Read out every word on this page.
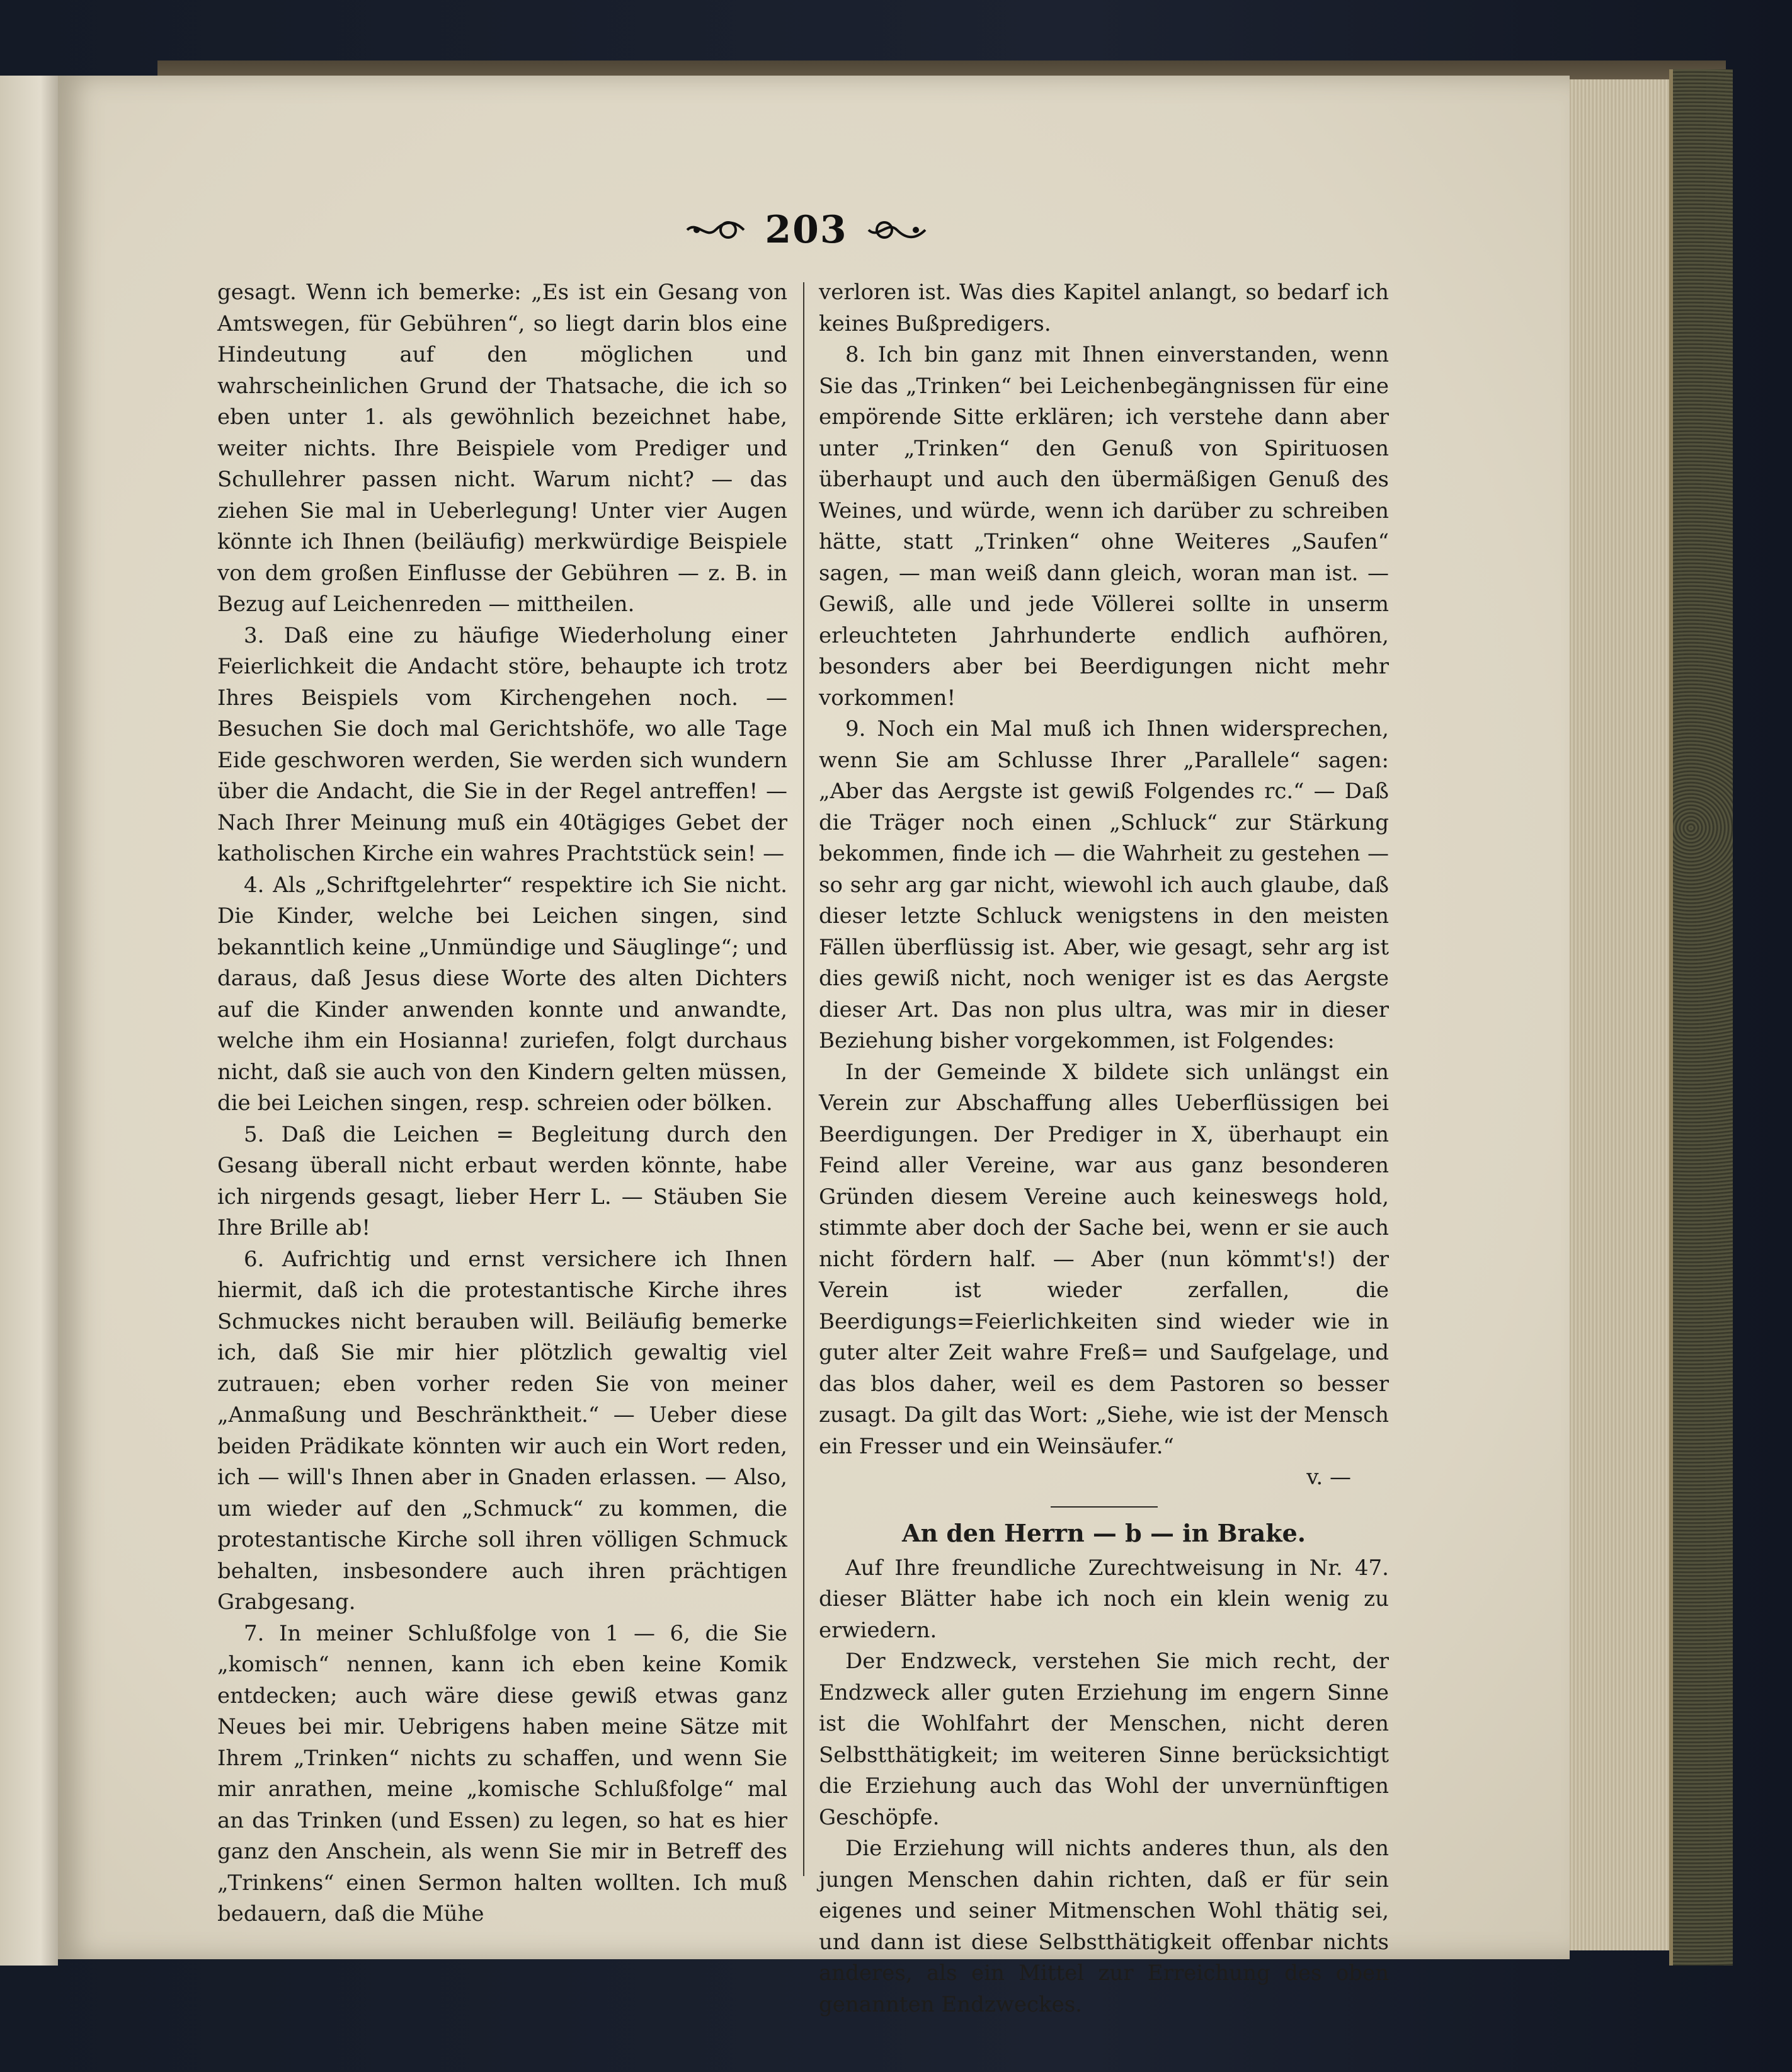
203

gesagt. Wenn ich bemerke: „Es ist ein Gesang von Amtswegen, für Gebühren“, so liegt darin blos eine Hindeutung auf den möglichen und wahrscheinlichen Grund der Thatsache, die ich so eben unter 1. als gewöhnlich bezeichnet habe, weiter nichts. Ihre Beispiele vom Prediger und Schullehrer passen nicht. Warum nicht? — das ziehen Sie mal in Ueberlegung! Unter vier Augen könnte ich Ihnen (beiläufig) merkwürdige Beispiele von dem großen Einflusse der Gebühren — z. B. in Bezug auf Leichenreden — mittheilen.

3. Daß eine zu häufige Wiederholung einer Feierlichkeit die Andacht störe, behaupte ich trotz Ihres Beispiels vom Kirchengehen noch. — Besuchen Sie doch mal Gerichtshöfe, wo alle Tage Eide geschworen werden, Sie werden sich wundern über die Andacht, die Sie in der Regel antreffen! — Nach Ihrer Meinung muß ein 40tägiges Gebet der katholischen Kirche ein wahres Prachtstück sein! —

4. Als „Schriftgelehrter“ respektire ich Sie nicht. Die Kinder, welche bei Leichen singen, sind bekanntlich keine „Unmündige und Säuglinge“; und daraus, daß Jesus diese Worte des alten Dichters auf die Kinder anwenden konnte und anwandte, welche ihm ein Hosianna! zuriefen, folgt durchaus nicht, daß sie auch von den Kindern gelten müssen, die bei Leichen singen, resp. schreien oder bölken.

5. Daß die Leichen = Begleitung durch den Gesang überall nicht erbaut werden könnte, habe ich nirgends gesagt, lieber Herr L. — Stäuben Sie Ihre Brille ab!

6. Aufrichtig und ernst versichere ich Ihnen hiermit, daß ich die protestantische Kirche ihres Schmuckes nicht berauben will. Beiläufig bemerke ich, daß Sie mir hier plötzlich gewaltig viel zutrauen; eben vorher reden Sie von meiner „Anmaßung und Beschränktheit.“ — Ueber diese beiden Prädikate könnten wir auch ein Wort reden, ich — will's Ihnen aber in Gnaden erlassen. — Also, um wieder auf den „Schmuck“ zu kommen, die protestantische Kirche soll ihren völligen Schmuck behalten, insbesondere auch ihren prächtigen Grabgesang.

7. In meiner Schlußfolge von 1 — 6, die Sie „komisch“ nennen, kann ich eben keine Komik entdecken; auch wäre diese gewiß etwas ganz Neues bei mir. Uebrigens haben meine Sätze mit Ihrem „Trinken“ nichts zu schaffen, und wenn Sie mir anrathen, meine „komische Schlußfolge“ mal an das Trinken (und Essen) zu legen, so hat es hier ganz den Anschein, als wenn Sie mir in Betreff des „Trinkens“ einen Sermon halten wollten. Ich muß bedauern, daß die Mühe

verloren ist. Was dies Kapitel anlangt, so bedarf ich keines Bußpredigers.

8. Ich bin ganz mit Ihnen einverstanden, wenn Sie das „Trinken“ bei Leichenbegängnissen für eine empörende Sitte erklären; ich verstehe dann aber unter „Trinken“ den Genuß von Spirituosen überhaupt und auch den übermäßigen Genuß des Weines, und würde, wenn ich darüber zu schreiben hätte, statt „Trinken“ ohne Weiteres „Saufen“ sagen, — man weiß dann gleich, woran man ist. — Gewiß, alle und jede Völlerei sollte in unserm erleuchteten Jahrhunderte endlich aufhören, besonders aber bei Beerdigungen nicht mehr vorkommen!

9. Noch ein Mal muß ich Ihnen widersprechen, wenn Sie am Schlusse Ihrer „Parallele“ sagen: „Aber das Aergste ist gewiß Folgendes rc.“ — Daß die Träger noch einen „Schluck“ zur Stärkung bekommen, finde ich — die Wahrheit zu gestehen — so sehr arg gar nicht, wiewohl ich auch glaube, daß dieser letzte Schluck wenigstens in den meisten Fällen überflüssig ist. Aber, wie gesagt, sehr arg ist dies gewiß nicht, noch weniger ist es das Aergste dieser Art. Das non plus ultra, was mir in dieser Beziehung bisher vorgekommen, ist Folgendes:

In der Gemeinde X bildete sich unlängst ein Verein zur Abschaffung alles Ueberflüssigen bei Beerdigungen. Der Prediger in X, überhaupt ein Feind aller Vereine, war aus ganz besonderen Gründen diesem Vereine auch keineswegs hold, stimmte aber doch der Sache bei, wenn er sie auch nicht fördern half. — Aber (nun kömmt's!) der Verein ist wieder zerfallen, die Beerdigungs=Feierlichkeiten sind wieder wie in guter alter Zeit wahre Freß= und Saufgelage, und das blos daher, weil es dem Pastoren so besser zusagt. Da gilt das Wort: „Siehe, wie ist der Mensch ein Fresser und ein Weinsäufer.“

v. —
An den Herrn — b — in Brake.

Auf Ihre freundliche Zurechtweisung in Nr. 47. dieser Blätter habe ich noch ein klein wenig zu erwiedern.

Der Endzweck, verstehen Sie mich recht, der Endzweck aller guten Erziehung im engern Sinne ist die Wohlfahrt der Menschen, nicht deren Selbstthätigkeit; im weiteren Sinne berücksichtigt die Erziehung auch das Wohl der unvernünftigen Geschöpfe.

Die Erziehung will nichts anderes thun, als den jungen Menschen dahin richten, daß er für sein eigenes und seiner Mitmenschen Wohl thätig sei, und dann ist diese Selbstthätigkeit offenbar nichts anderes, als ein Mittel zur Erreichung des oben genannten Endzweckes.
